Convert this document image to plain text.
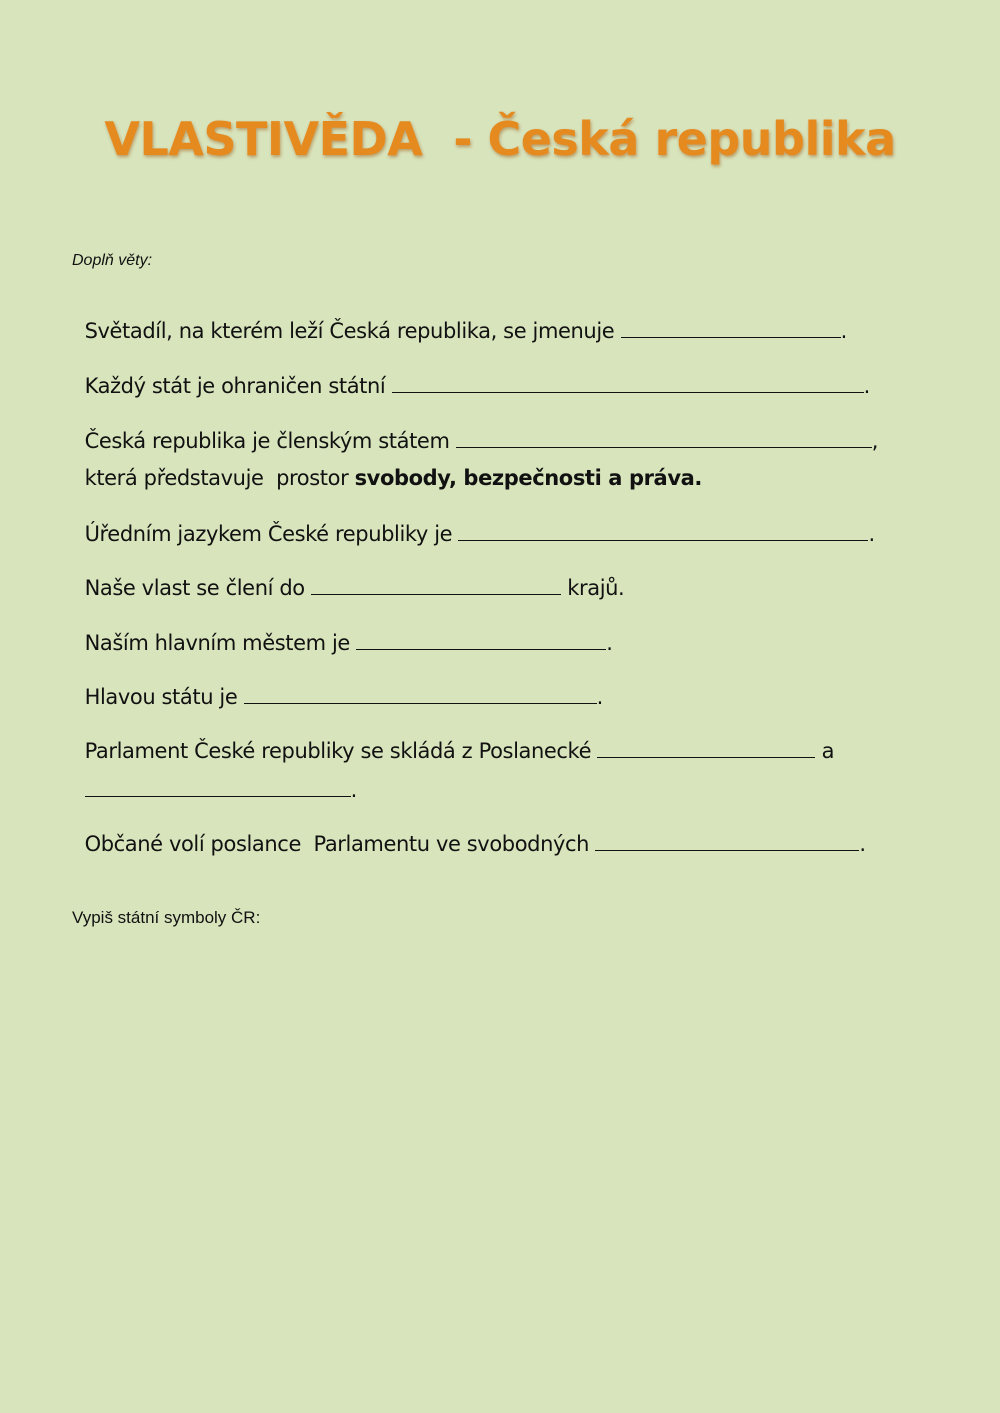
VLASTIVĚDA  - Česká republika
Doplň věty:

Světadíl, na kterém leží Česká republika, se jmenuje	.

Každý stát je ohraničen státní	.

Česká republika je členským státem	,

která představuje  prostor svobody, bezpečnosti a práva.

Úředním jazykem České republiky je	.

Naše vlast se člení do	krajů.

Naším hlavním městem je	.

Hlavou státu je	.

Parlament České republiky se skládá z Poslanecké	a

.

Občané volí poslance  Parlamentu ve svobodných	.

Vypiš státní symboly ČR:
